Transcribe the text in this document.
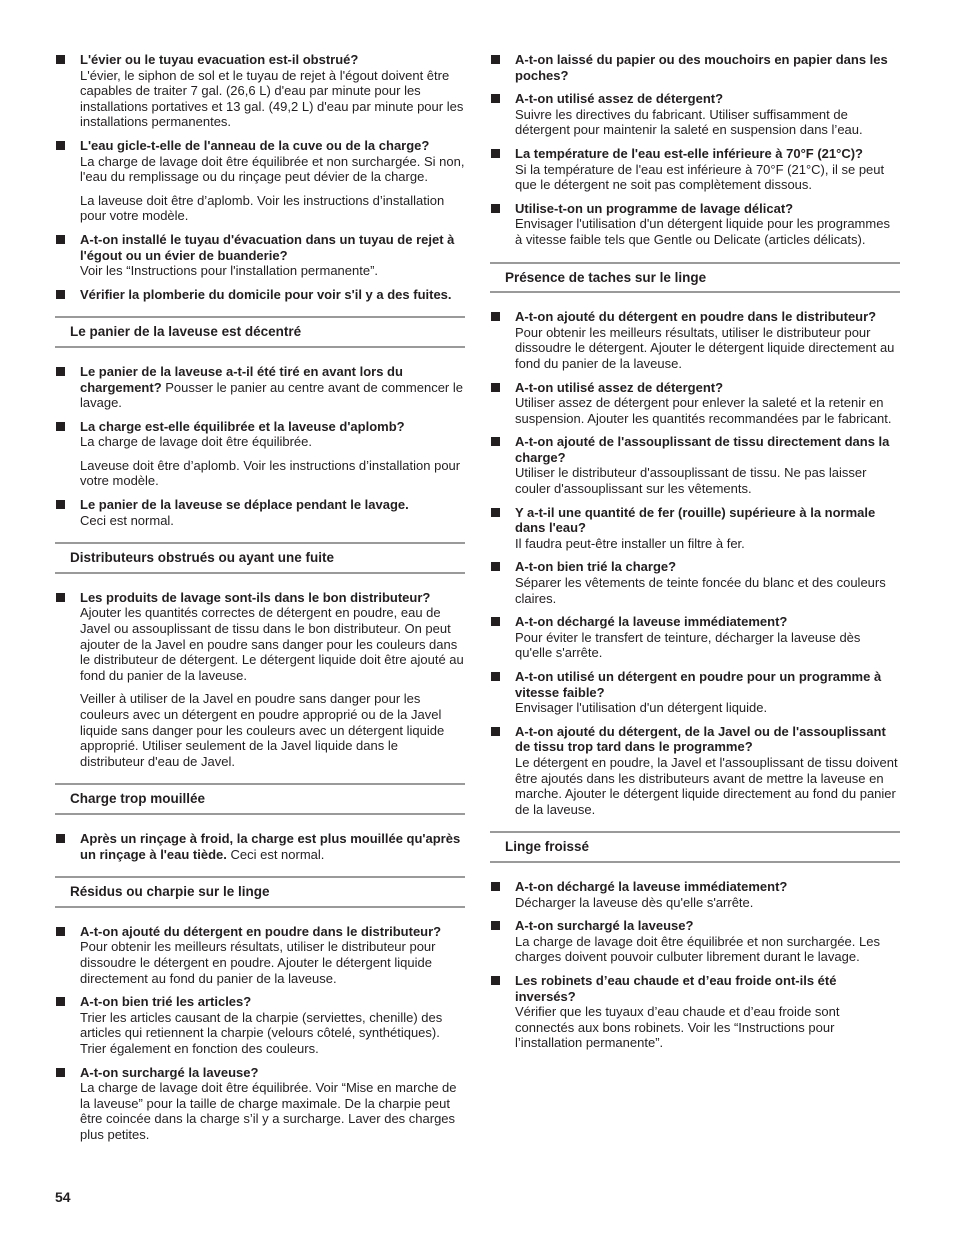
L'évier ou le tuyau evacuation est-il obstrué?
L'évier, le siphon de sol et le tuyau de rejet à l'égout doivent être capables de traiter 7 gal. (26,6 L) d'eau par minute pour les installations portatives et 13 gal. (49,2 L) d'eau par minute pour les installations permanentes.
L'eau gicle-t-elle de l'anneau de la cuve ou de la charge?
La charge de lavage doit être équilibrée et non surchargée. Si non, l'eau du remplissage ou du rinçage peut dévier de la charge.
La laveuse doit être d’aplomb. Voir les instructions d’installation pour votre modèle.
A-t-on installé le tuyau d'évacuation dans un tuyau de rejet à l'égout ou un évier de buanderie?
Voir les “Instructions pour l'installation permanente”.
Vérifier la plomberie du domicile pour voir s'il y a des fuites.
Le panier de la laveuse est décentré
Le panier de la laveuse a-t-il été tiré en avant lors du chargement? Pousser le panier au centre avant de commencer le lavage.
La charge est-elle équilibrée et la laveuse d'aplomb?
La charge de lavage doit être équilibrée.
Laveuse doit être d’aplomb. Voir les instructions d’installation pour votre modèle.
Le panier de la laveuse se déplace pendant le lavage.
Ceci est normal.
Distributeurs obstrués ou ayant une fuite
Les produits de lavage sont-ils dans le bon distributeur?
Ajouter les quantités correctes de détergent en poudre, eau de Javel ou assouplissant de tissu dans le bon distributeur. On peut ajouter de la Javel en poudre sans danger pour les couleurs dans le distributeur de détergent. Le détergent liquide doit être ajouté au fond du panier de la laveuse.
Veiller à utiliser de la Javel en poudre sans danger pour les couleurs avec un détergent en poudre approprié ou de la Javel liquide sans danger pour les couleurs avec un détergent liquide approprié. Utiliser seulement de la Javel liquide dans le distributeur d'eau de Javel.
Charge trop mouillée
Après un rinçage à froid, la charge est plus mouillée qu'après un rinçage à l'eau tiède. Ceci est normal.
Résidus ou charpie sur le linge
A-t-on ajouté du détergent en poudre dans le distributeur?
Pour obtenir les meilleurs résultats, utiliser le distributeur pour dissoudre le détergent en poudre. Ajouter le détergent liquide directement au fond du panier de la laveuse.
A-t-on bien trié les articles?
Trier les articles causant de la charpie (serviettes, chenille) des articles qui retiennent la charpie (velours côtelé, synthétiques). Trier également en fonction des couleurs.
A-t-on surchargé la laveuse?
La charge de lavage doit être équilibrée. Voir “Mise en marche de la laveuse” pour la taille de charge maximale. De la charpie peut être coincée dans la charge s’il y a surcharge. Laver des charges plus petites.
A-t-on laissé du papier ou des mouchoirs en papier dans les poches?
A-t-on utilisé assez de détergent?
Suivre les directives du fabricant. Utiliser suffisamment de détergent pour maintenir la saleté en suspension dans l’eau.
La température de l'eau est-elle inférieure à 70°F (21°C)?
Si la température de l'eau est inférieure à 70°F (21°C), il se peut que le détergent ne soit pas complètement dissous.
Utilise-t-on un programme de lavage délicat?
Envisager l'utilisation d'un détergent liquide pour les programmes à vitesse faible tels que Gentle ou Delicate (articles délicats).
Présence de taches sur le linge
A-t-on ajouté du détergent en poudre dans le distributeur?
Pour obtenir les meilleurs résultats, utiliser le distributeur pour dissoudre le détergent. Ajouter le détergent liquide directement au fond du panier de la laveuse.
A-t-on utilisé assez de détergent?
Utiliser assez de détergent pour enlever la saleté et la retenir en suspension. Ajouter les quantités recommandées par le fabricant.
A-t-on ajouté de l'assouplissant de tissu directement dans la charge?
Utiliser le distributeur d'assouplissant de tissu. Ne pas laisser couler d'assouplissant sur les vêtements.
Y a-t-il une quantité de fer (rouille) supérieure à la normale dans l'eau?
Il faudra peut-être installer un filtre à fer.
A-t-on bien trié la charge?
Séparer les vêtements de teinte foncée du blanc et des couleurs claires.
A-t-on déchargé la laveuse immédiatement?
Pour éviter le transfert de teinture, décharger la laveuse dès qu'elle s'arrête.
A-t-on utilisé un détergent en poudre pour un programme à vitesse faible?
Envisager l'utilisation d'un détergent liquide.
A-t-on ajouté du détergent, de la Javel ou de l'assouplissant de tissu trop tard dans le programme?
Le détergent en poudre, la Javel et l'assouplissant de tissu doivent être ajoutés dans les distributeurs avant de mettre la laveuse en marche. Ajouter le détergent liquide directement au fond du panier de la laveuse.
Linge froissé
A-t-on déchargé la laveuse immédiatement?
Décharger la laveuse dès qu'elle s'arrête.
A-t-on surchargé la laveuse?
La charge de lavage doit être équilibrée et non surchargée. Les charges doivent pouvoir culbuter librement durant le lavage.
Les robinets d’eau chaude et d’eau froide ont-ils été inversés?
Vérifier que les tuyaux d’eau chaude et d’eau froide sont connectés aux bons robinets. Voir les “Instructions pour l’installation permanente”.
54
